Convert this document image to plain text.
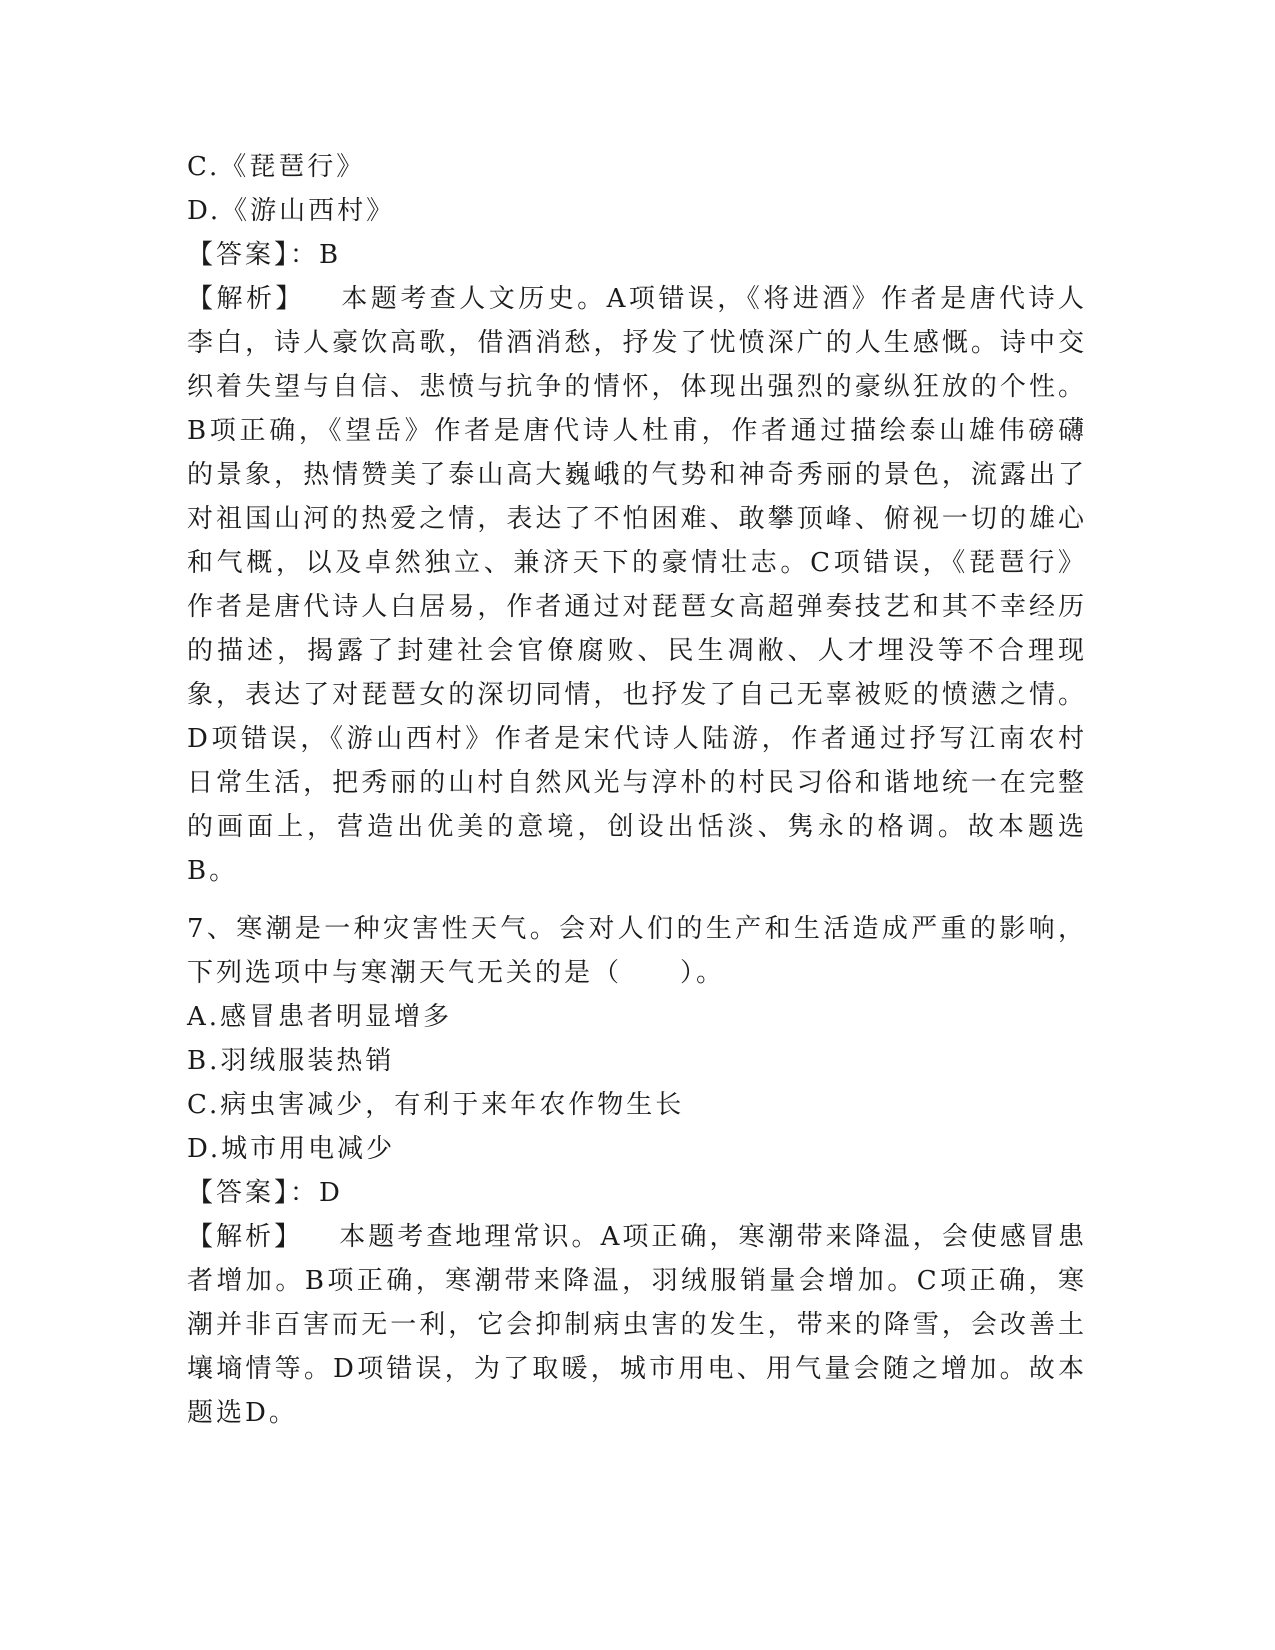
C.《琵琶行》
D.《游山西村》
【答案】：B
【解析】 本题考查人文历史。A项错误，《将进酒》作者是唐代诗人李白，诗人豪饮高歌，借酒消愁，抒发了忧愤深广的人生感慨。诗中交织着失望与自信、悲愤与抗争的情怀，体现出强烈的豪纵狂放的个性。B项正确，《望岳》作者是唐代诗人杜甫，作者通过描绘泰山雄伟磅礴的景象，热情赞美了泰山高大巍峨的气势和神奇秀丽的景色，流露出了对祖国山河的热爱之情，表达了不怕困难、敢攀顶峰、俯视一切的雄心和气概，以及卓然独立、兼济天下的豪情壮志。C项错误，《琵琶行》作者是唐代诗人白居易，作者通过对琵琶女高超弹奏技艺和其不幸经历的描述，揭露了封建社会官僚腐败、民生凋敝、人才埋没等不合理现象，表达了对琵琶女的深切同情，也抒发了自己无辜被贬的愤懑之情。D项错误，《游山西村》作者是宋代诗人陆游，作者通过抒写江南农村日常生活，把秀丽的山村自然风光与淳朴的村民习俗和谐地统一在完整的画面上，营造出优美的意境，创设出恬淡、隽永的格调。故本题选B。
7、寒潮是一种灾害性天气。会对人们的生产和生活造成严重的影响，下列选项中与寒潮天气无关的是（　　）。
A.感冒患者明显增多
B.羽绒服装热销
C.病虫害减少，有利于来年农作物生长
D.城市用电减少
【答案】：D
【解析】 本题考查地理常识。A项正确，寒潮带来降温，会使感冒患者增加。B项正确，寒潮带来降温，羽绒服销量会增加。C项正确，寒潮并非百害而无一利，它会抑制病虫害的发生，带来的降雪，会改善土壤墒情等。D项错误，为了取暖，城市用电、用气量会随之增加。故本题选D。
